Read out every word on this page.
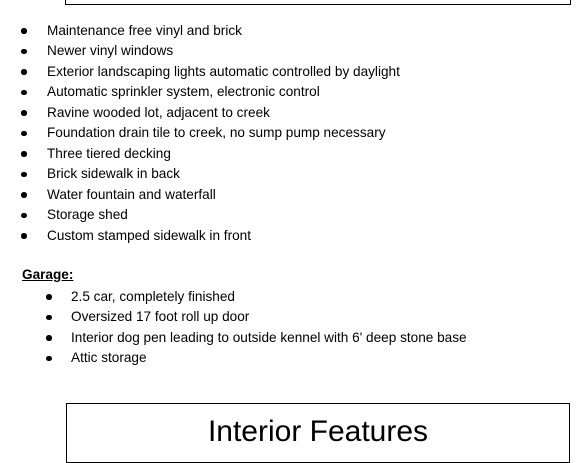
Maintenance free vinyl and brick
Newer vinyl windows
Exterior landscaping lights automatic controlled by daylight
Automatic sprinkler system, electronic control
Ravine wooded lot, adjacent to creek
Foundation drain tile to creek, no sump pump necessary
Three tiered decking
Brick sidewalk in back
Water fountain and waterfall
Storage shed
Custom stamped sidewalk in front
Garage:
2.5 car, completely finished
Oversized 17 foot roll up door
Interior dog pen leading to outside kennel with 6' deep stone base
Attic storage
Interior Features
